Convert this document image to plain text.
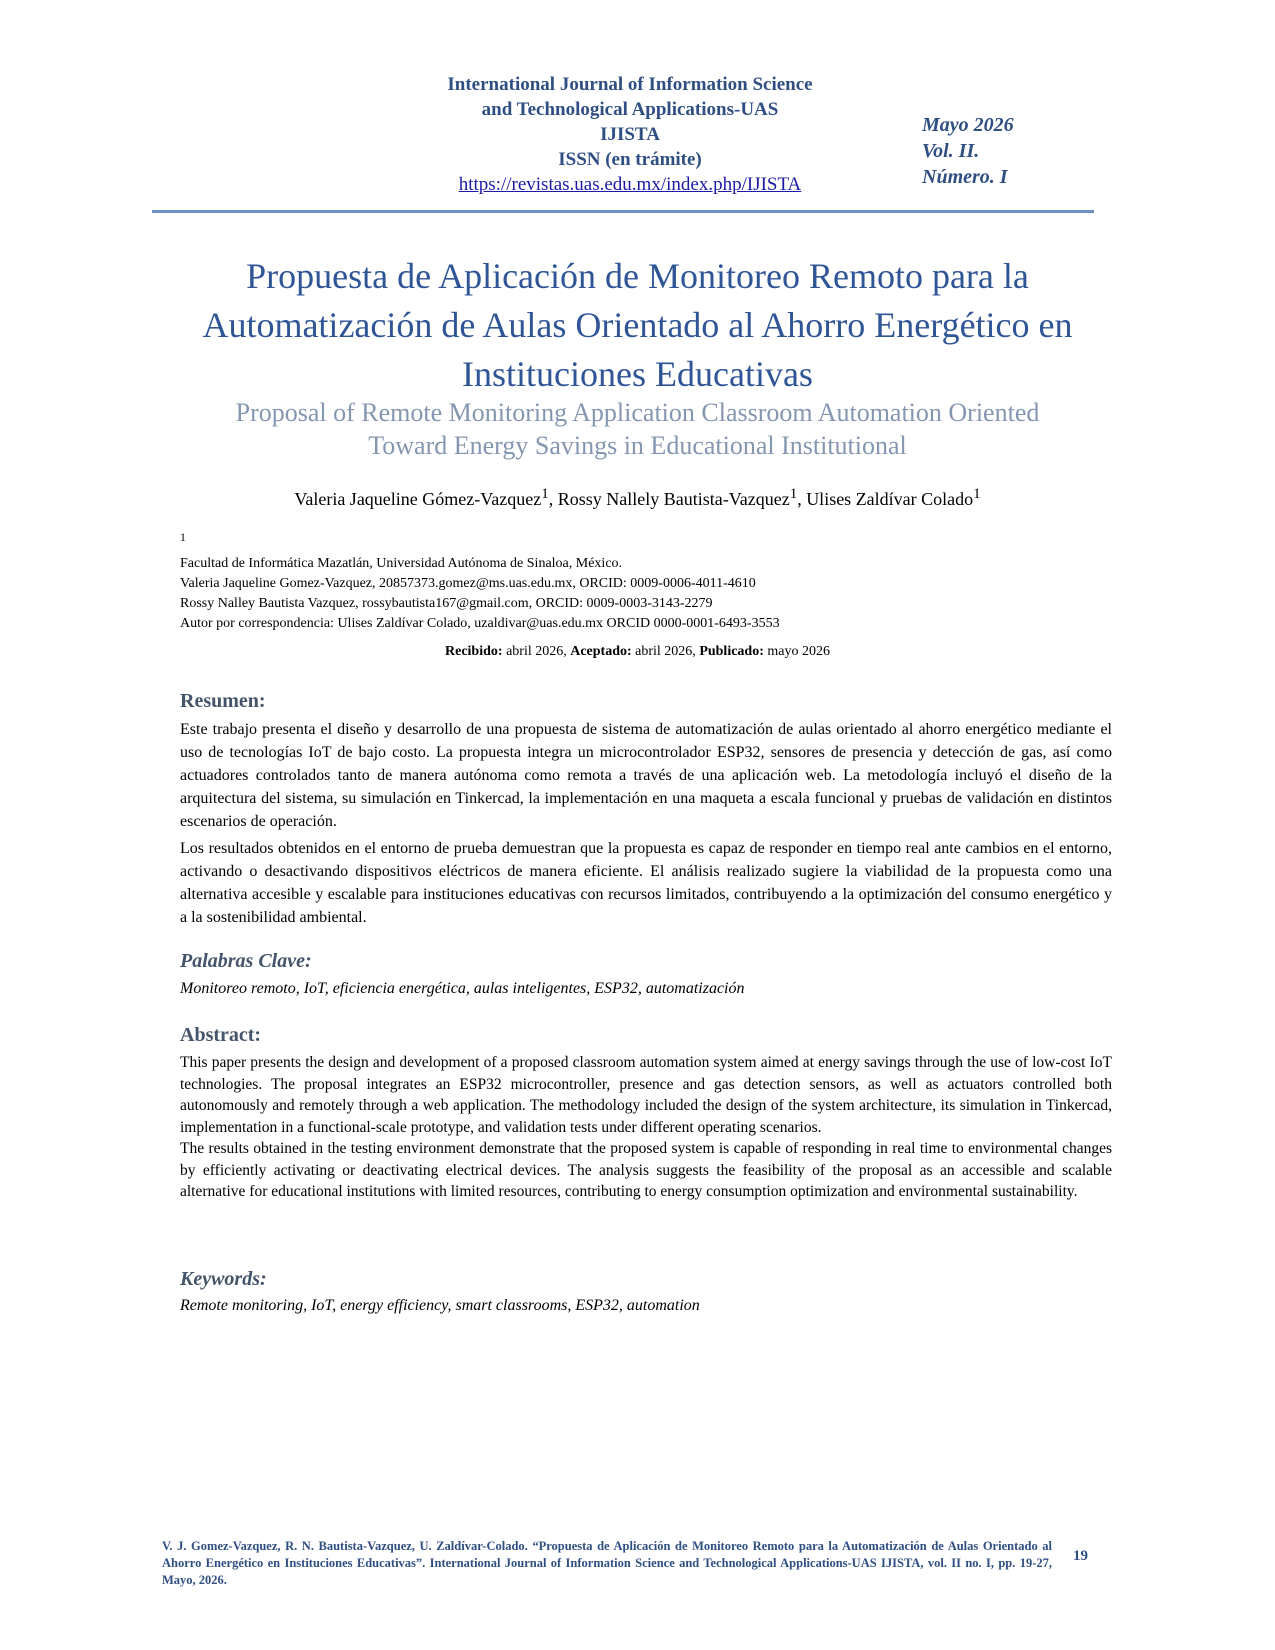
International Journal of Information Science
and Technological Applications-UAS
IJISTA
ISSN (en trámite)
https://revistas.uas.edu.mx/index.php/IJISTA
Mayo 2026
Vol. II.
Número. I
Propuesta de Aplicación de Monitoreo Remoto para la
Automatización de Aulas Orientado al Ahorro Energético en
Instituciones Educativas
Proposal of Remote Monitoring Application Classroom Automation Oriented
Toward Energy Savings in Educational Institutional
Valeria Jaqueline Gómez-Vazquez$^1$, Rossy Nallely Bautista-Vazquez$^1$, Ulises Zaldívar Colado$^1$
$^1$
Facultad de Informática Mazatlán, Universidad Autónoma de Sinaloa, México.
Valeria Jaqueline Gomez-Vazquez, 20857373.gomez@ms.uas.edu.mx, ORCID: 0009-0006-4011-4610
Rossy Nalley Bautista Vazquez, rossybautista167@gmail.com, ORCID: 0009-0003-3143-2279
Autor por correspondencia: Ulises Zaldívar Colado, uzaldivar@uas.edu.mx ORCID 0000-0001-6493-3553
Recibido: abril 2026, Aceptado: abril 2026, Publicado: mayo 2026
Resumen:

Este trabajo presenta el diseño y desarrollo de una propuesta de sistema de automatización de aulas orientado al ahorro energético mediante el uso de tecnologías IoT de bajo costo. La propuesta integra un microcontrolador ESP32, sensores de presencia y detección de gas, así como actuadores controlados tanto de manera autónoma como remota a través de una aplicación web. La metodología incluyó el diseño de la arquitectura del sistema, su simulación en Tinkercad, la implementación en una maqueta a escala funcional y pruebas de validación en distintos escenarios de operación.

Los resultados obtenidos en el entorno de prueba demuestran que la propuesta es capaz de responder en tiempo real ante cambios en el entorno, activando o desactivando dispositivos eléctricos de manera eficiente. El análisis realizado sugiere la viabilidad de la propuesta como una alternativa accesible y escalable para instituciones educativas con recursos limitados, contribuyendo a la optimización del consumo energético y a la sostenibilidad ambiental.

Palabras Clave:
Monitoreo remoto, IoT, eficiencia energética, aulas inteligentes, ESP32, automatización
Abstract:

This paper presents the design and development of a proposed classroom automation system aimed at energy savings through the use of low-cost IoT technologies. The proposal integrates an ESP32 microcontroller, presence and gas detection sensors, as well as actuators controlled both autonomously and remotely through a web application. The methodology included the design of the system architecture, its simulation in Tinkercad, implementation in a functional-scale prototype, and validation tests under different operating scenarios.

The results obtained in the testing environment demonstrate that the proposed system is capable of responding in real time to environmental changes by efficiently activating or deactivating electrical devices. The analysis suggests the feasibility of the proposal as an accessible and scalable alternative for educational institutions with limited resources, contributing to energy consumption optimization and environmental sustainability.

Keywords:
Remote monitoring, IoT, energy efficiency, smart classrooms, ESP32, automation
V. J. Gomez-Vazquez, R. N. Bautista-Vazquez, U. Zaldívar-Colado. “Propuesta de Aplicación de Monitoreo Remoto para la Automatización de Aulas Orientado al Ahorro Energético en Instituciones Educativas”. International Journal of Information Science and Technological Applications-UAS IJISTA, vol. II no. I, pp. 19-27, Mayo, 2026.
19
